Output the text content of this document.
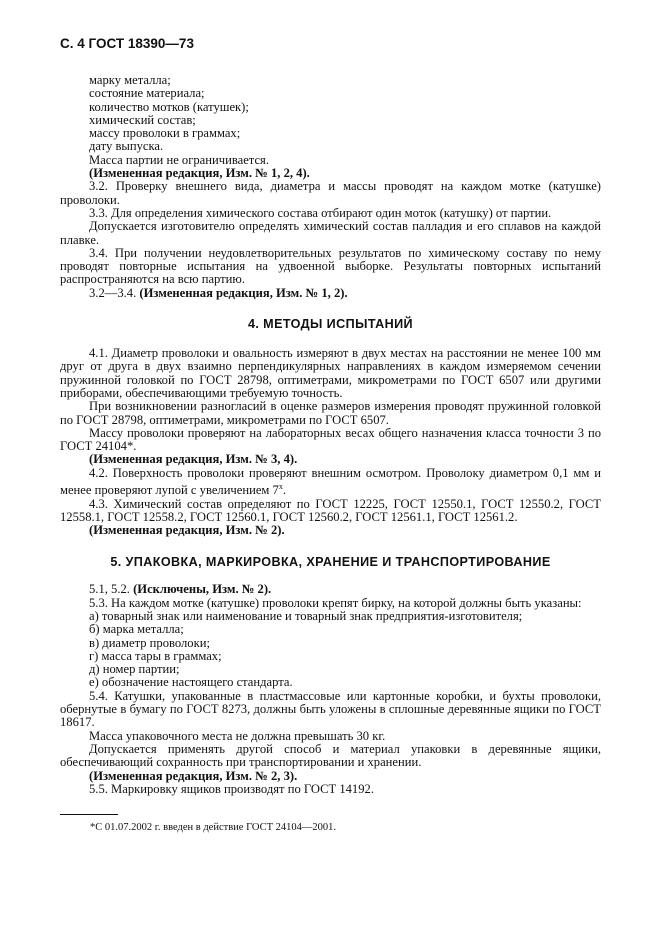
С. 4 ГОСТ 18390—73

марку металла;

состояние материала;

количество мотков (катушек);

химический состав;

массу проволоки в граммах;

дату выпуска.

Масса партии не ограничивается.

(Измененная редакция, Изм. № 1, 2, 4).

3.2. Проверку внешнего вида, диаметра и массы проводят на каждом мотке (катушке) проволоки.

3.3. Для определения химического состава отбирают один моток (катушку) от партии.

Допускается изготовителю определять химический состав палладия и его сплавов на каждой плавке.

3.4. При получении неудовлетворительных результатов по химическому составу по нему проводят повторные испытания на удвоенной выборке. Результаты повторных испытаний распространяются на всю партию.

3.2—3.4. (Измененная редакция, Изм. № 1, 2).

4. МЕТОДЫ ИСПЫТАНИЙ

4.1. Диаметр проволоки и овальность измеряют в двух местах на расстоянии не менее 100 мм друг от друга в двух взаимно перпендикулярных направлениях в каждом измеряемом сечении пружинной головкой по ГОСТ 28798, оптиметрами, микрометрами по ГОСТ 6507 или другими приборами, обеспечивающими требуемую точность.

При возникновении разногласий в оценке размеров измерения проводят пружинной головкой по ГОСТ 28798, оптиметрами, микрометрами по ГОСТ 6507.

Массу проволоки проверяют на лабораторных весах общего назначения класса точности 3 по ГОСТ 24104*.

(Измененная редакция, Изм. № 3, 4).

4.2. Поверхность проволоки проверяют внешним осмотром. Проволоку диаметром 0,1 мм и менее проверяют лупой с увеличением 7$^x$.

4.3. Химический состав определяют по ГОСТ 12225, ГОСТ 12550.1, ГОСТ 12550.2, ГОСТ 12558.1, ГОСТ 12558.2, ГОСТ 12560.1, ГОСТ 12560.2, ГОСТ 12561.1, ГОСТ 12561.2.

(Измененная редакция, Изм. № 2).

5. УПАКОВКА, МАРКИРОВКА, ХРАНЕНИЕ И ТРАНСПОРТИРОВАНИЕ

5.1, 5.2. (Исключены, Изм. № 2).

5.3. На каждом мотке (катушке) проволоки крепят бирку, на которой должны быть указаны:

а) товарный знак или наименование и товарный знак предприятия-изготовителя;

б) марка металла;

в) диаметр проволоки;

г) масса тары в граммах;

д) номер партии;

е) обозначение настоящего стандарта.

5.4. Катушки, упакованные в пластмассовые или картонные коробки, и бухты проволоки, обернутые в бумагу по ГОСТ 8273, должны быть уложены в сплошные деревянные ящики по ГОСТ 18617.

Масса упаковочного места не должна превышать 30 кг.

Допускается применять другой способ и материал упаковки в деревянные ящики, обеспечивающий сохранность при транспортировании и хранении.

(Измененная редакция, Изм. № 2, 3).

5.5. Маркировку ящиков производят по ГОСТ 14192.

*С 01.07.2002 г. введен в действие ГОСТ 24104—2001.
